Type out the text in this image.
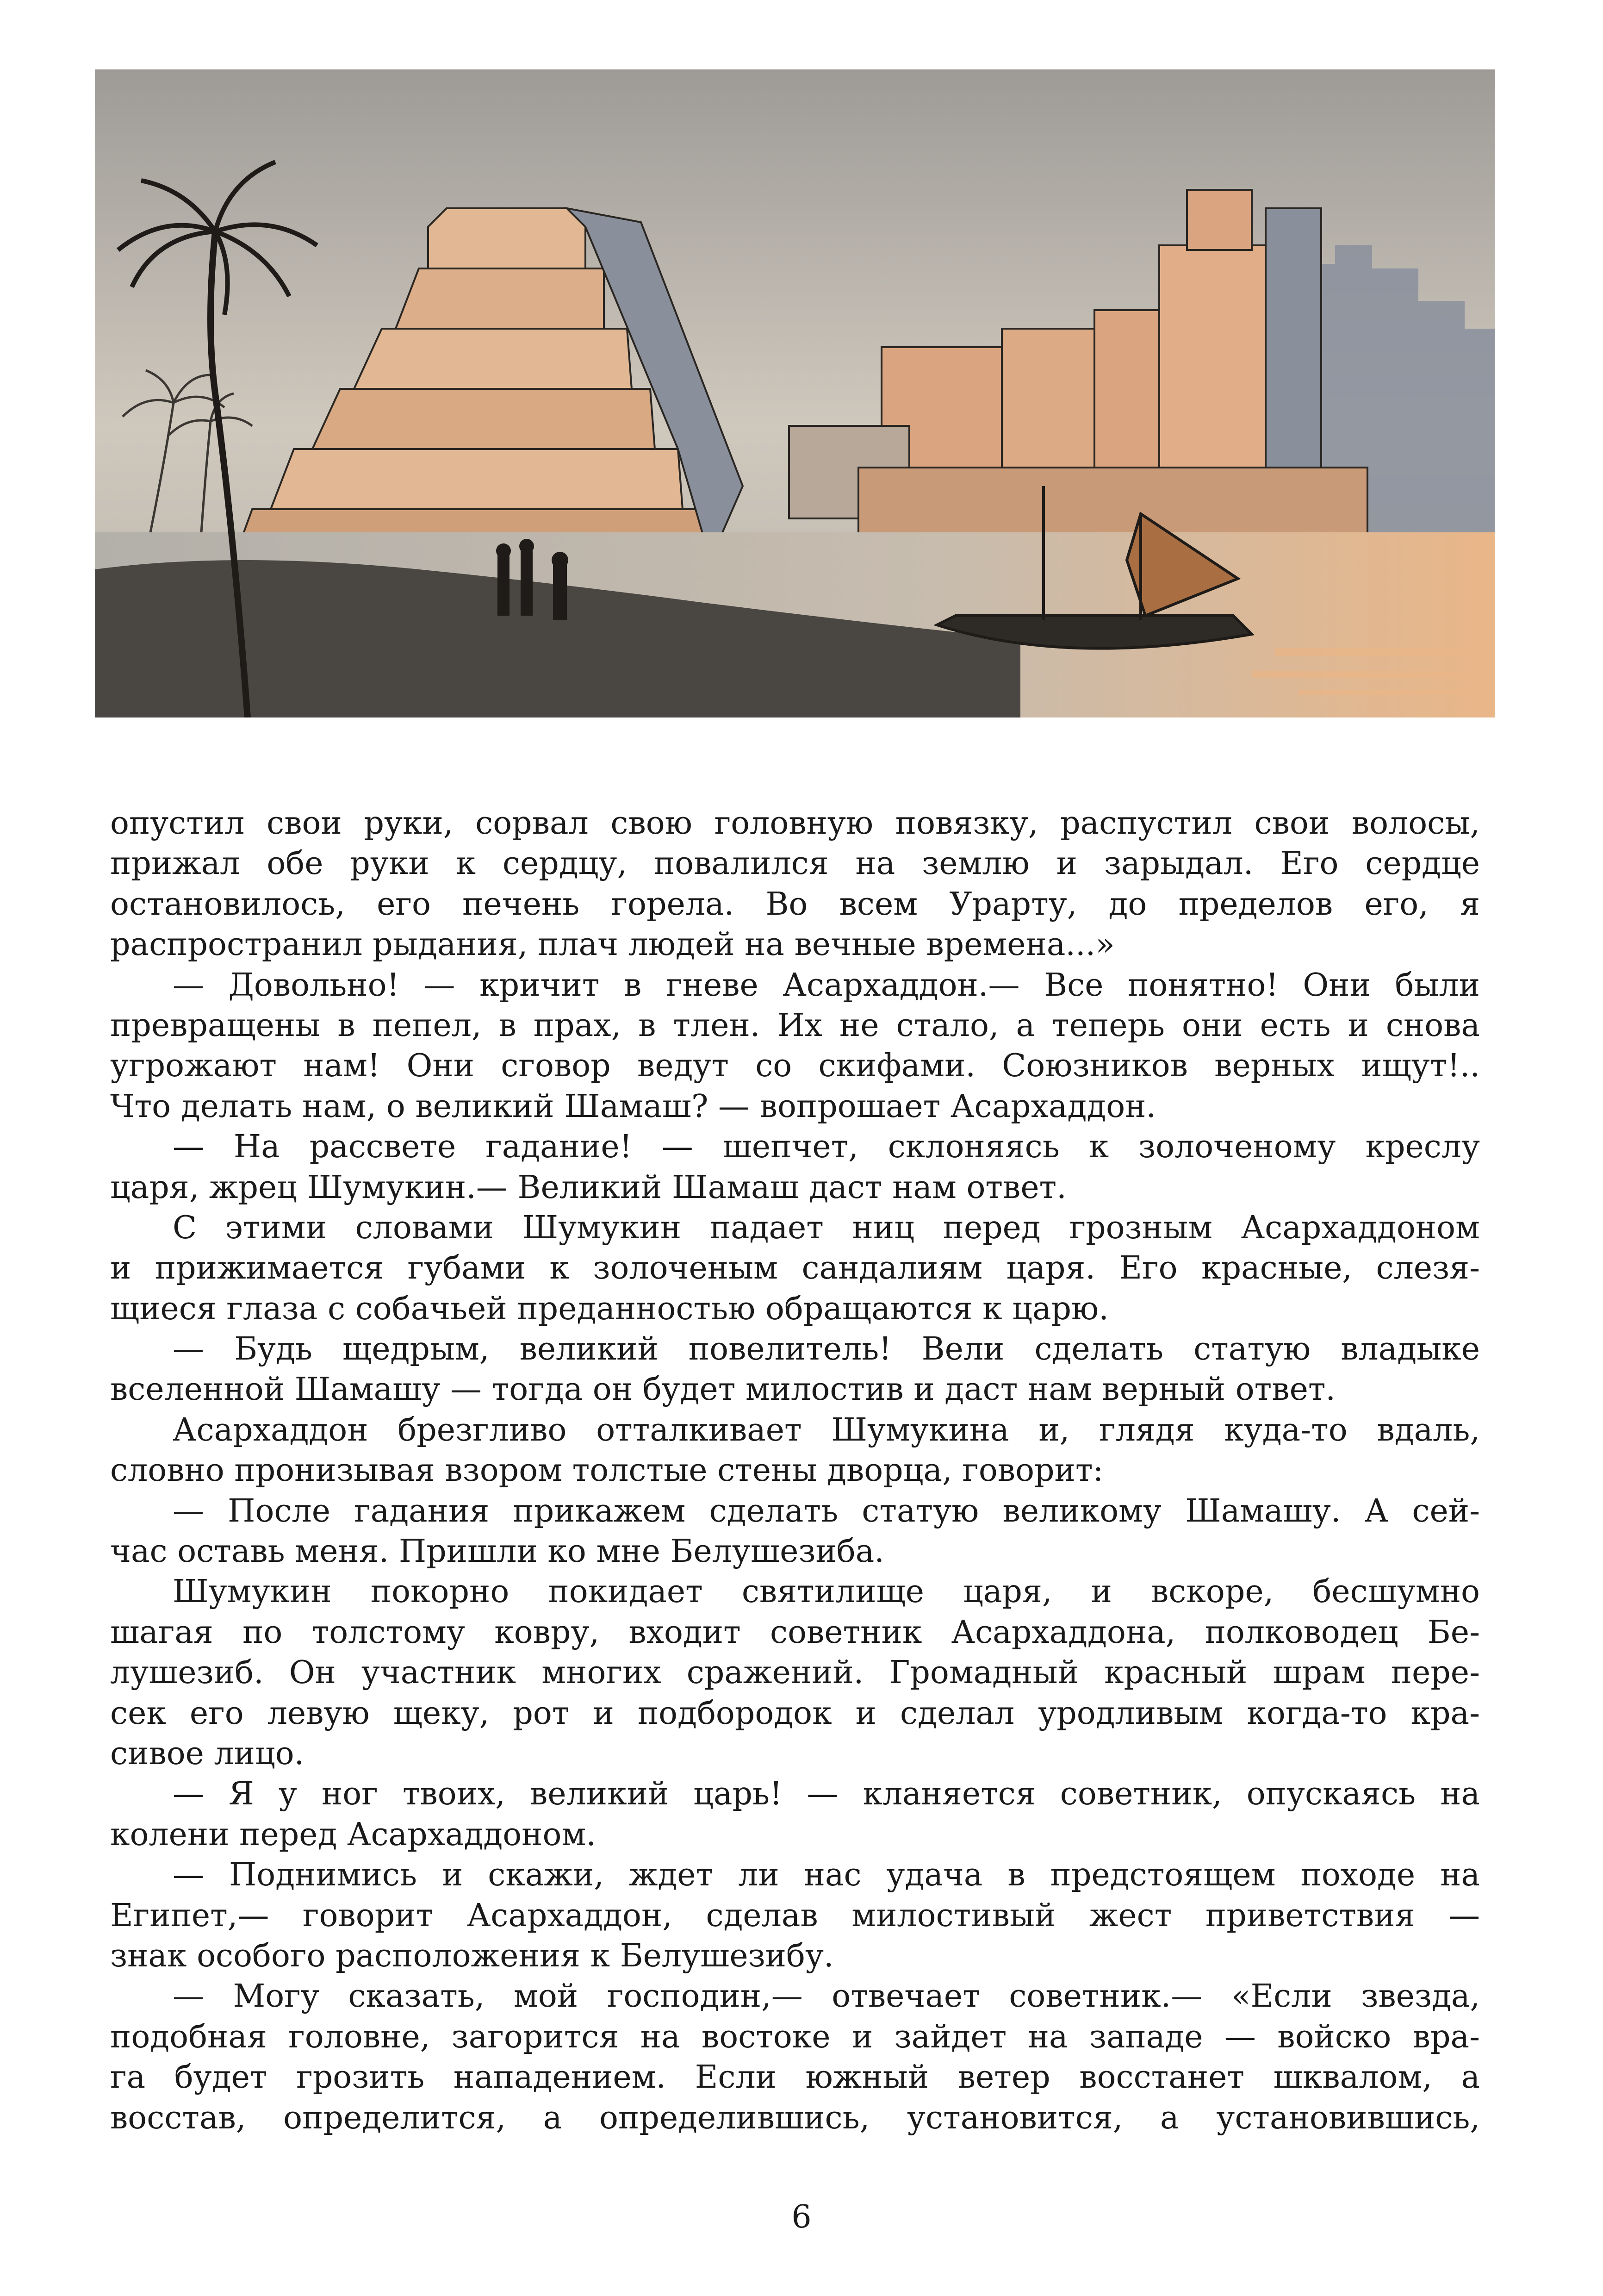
опустил свои руки, сорвал свою головную повязку, распустил свои волосы,
прижал обе руки к сердцу, повалился на землю и зарыдал. Его сердце
остановилось, его печень горела. Во всем Урарту, до пределов его, я
распространил рыдания, плач людей на вечные времена...»
— Довольно! — кричит в гневе Асархаддон.— Все понятно! Они были
превращены в пепел, в прах, в тлен. Их не стало, а теперь они есть и снова
угрожают нам! Они сговор ведут со скифами. Союзников верных ищут!..
Что делать нам, о великий Шамаш? — вопрошает Асархаддон.
— На рассвете гадание! — шепчет, склоняясь к золоченому креслу
царя, жрец Шумукин.— Великий Шамаш даст нам ответ.
С этими словами Шумукин падает ниц перед грозным Асархаддоном
и прижимается губами к золоченым сандалиям царя. Его красные, слезя-
щиеся глаза с собачьей преданностью обращаются к царю.
— Будь щедрым, великий повелитель! Вели сделать статую владыке
вселенной Шамашу — тогда он будет милостив и даст нам верный ответ.
Асархаддон брезгливо отталкивает Шумукина и, глядя куда-то вдаль,
словно пронизывая взором толстые стены дворца, говорит:
— После гадания прикажем сделать статую великому Шамашу. А сей-
час оставь меня. Пришли ко мне Белушезиба.
Шумукин покорно покидает святилище царя, и вскоре, бесшумно
шагая по толстому ковру, входит советник Асархаддона, полководец Бе-
лушезиб. Он участник многих сражений. Громадный красный шрам пере-
сек его левую щеку, рот и подбородок и сделал уродливым когда-то кра-
сивое лицо.
— Я у ног твоих, великий царь! — кланяется советник, опускаясь на
колени перед Асархаддоном.
— Поднимись и скажи, ждет ли нас удача в предстоящем походе на
Египет,— говорит Асархаддон, сделав милостивый жест приветствия —
знак особого расположения к Белушезибу.
— Могу сказать, мой господин,— отвечает советник.— «Если звезда,
подобная головне, загорится на востоке и зайдет на западе — войско вра-
га будет грозить нападением. Если южный ветер восстанет шквалом, а
восстав, определится, а определившись, установится, а установившись,
6
